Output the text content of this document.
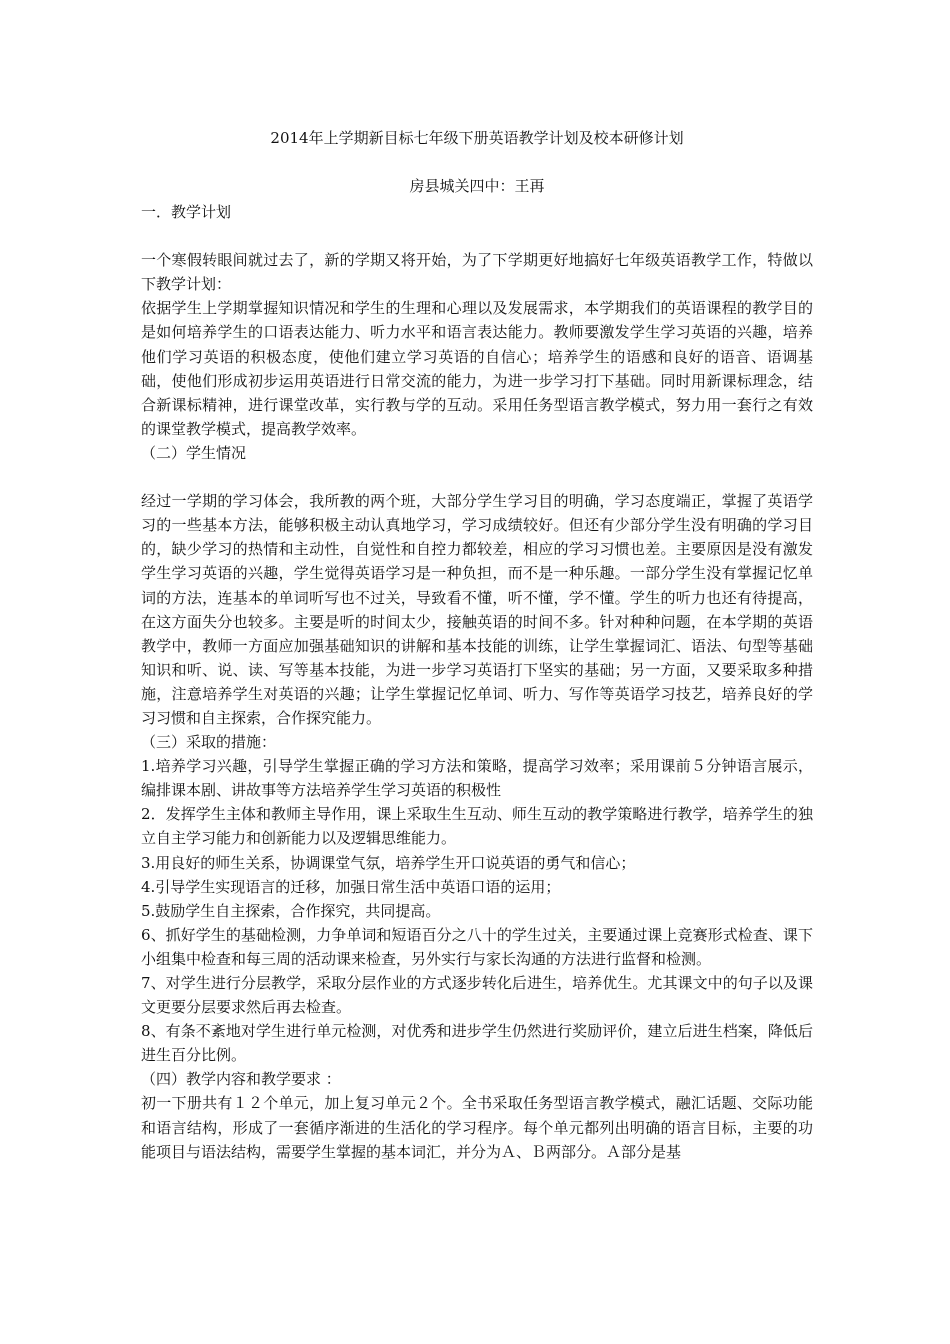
2014年上学期新目标七年级下册英语教学计划及校本研修计划
房县城关四中：王再

一．教学计划

一个寒假转眼间就过去了，新的学期又将开始，为了下学期更好地搞好七年级英语教学工作，特做以下教学计划：

依据学生上学期掌握知识情况和学生的生理和心理以及发展需求，本学期我们的英语课程的教学目的是如何培养学生的口语表达能力、听力水平和语言表达能力。教师要激发学生学习英语的兴趣，培养他们学习英语的积极态度，使他们建立学习英语的自信心；培养学生的语感和良好的语音、语调基础，使他们形成初步运用英语进行日常交流的能力，为进一步学习打下基础。同时用新课标理念，结合新课标精神，进行课堂改革，实行教与学的互动。采用任务型语言教学模式，努力用一套行之有效的课堂教学模式，提高教学效率。

（二）学生情况

经过一学期的学习体会，我所教的两个班，大部分学生学习目的明确，学习态度端正，掌握了英语学习的一些基本方法，能够积极主动认真地学习，学习成绩较好。但还有少部分学生没有明确的学习目的，缺少学习的热情和主动性，自觉性和自控力都较差，相应的学习习惯也差。主要原因是没有激发学生学习英语的兴趣，学生觉得英语学习是一种负担，而不是一种乐趣。一部分学生没有掌握记忆单词的方法，连基本的单词听写也不过关，导致看不懂，听不懂，学不懂。学生的听力也还有待提高，在这方面失分也较多。主要是听的时间太少，接触英语的时间不多。针对种种问题，在本学期的英语教学中，教师一方面应加强基础知识的讲解和基本技能的训练，让学生掌握词汇、语法、句型等基础知识和听、说、读、写等基本技能，为进一步学习英语打下坚实的基础；另一方面，又要采取多种措施，注意培养学生对英语的兴趣；让学生掌握记忆单词、听力、写作等英语学习技艺，培养良好的学习习惯和自主探索，合作探究能力。

（三）采取的措施：

1.培养学习兴趣，引导学生掌握正确的学习方法和策略，提高学习效率；采用课前５分钟语言展示，编排课本剧、讲故事等方法培养学生学习英语的积极性

2．发挥学生主体和教师主导作用，课上采取生生互动、师生互动的教学策略进行教学，培养学生的独立自主学习能力和创新能力以及逻辑思维能力。

3.用良好的师生关系，协调课堂气氛，培养学生开口说英语的勇气和信心；

4.引导学生实现语言的迁移，加强日常生活中英语口语的运用；

5.鼓励学生自主探索，合作探究，共同提高。

6、抓好学生的基础检测，力争单词和短语百分之八十的学生过关，主要通过课上竞赛形式检查、课下小组集中检查和每三周的活动课来检查，另外实行与家长沟通的方法进行监督和检测。

7、对学生进行分层教学，采取分层作业的方式逐步转化后进生，培养优生。尤其课文中的句子以及课文更要分层要求然后再去检查。

8、有条不紊地对学生进行单元检测，对优秀和进步学生仍然进行奖励评价，建立后进生档案，降低后进生百分比例。

（四）教学内容和教学要求 ：

初一下册共有１２个单元，加上复习单元２个。全书采取任务型语言教学模式，融汇话题、交际功能和语言结构，形成了一套循序渐进的生活化的学习程序。每个单元都列出明确的语言目标，主要的功能项目与语法结构，需要学生掌握的基本词汇，并分为Ａ、Ｂ两部分。Ａ部分是基
